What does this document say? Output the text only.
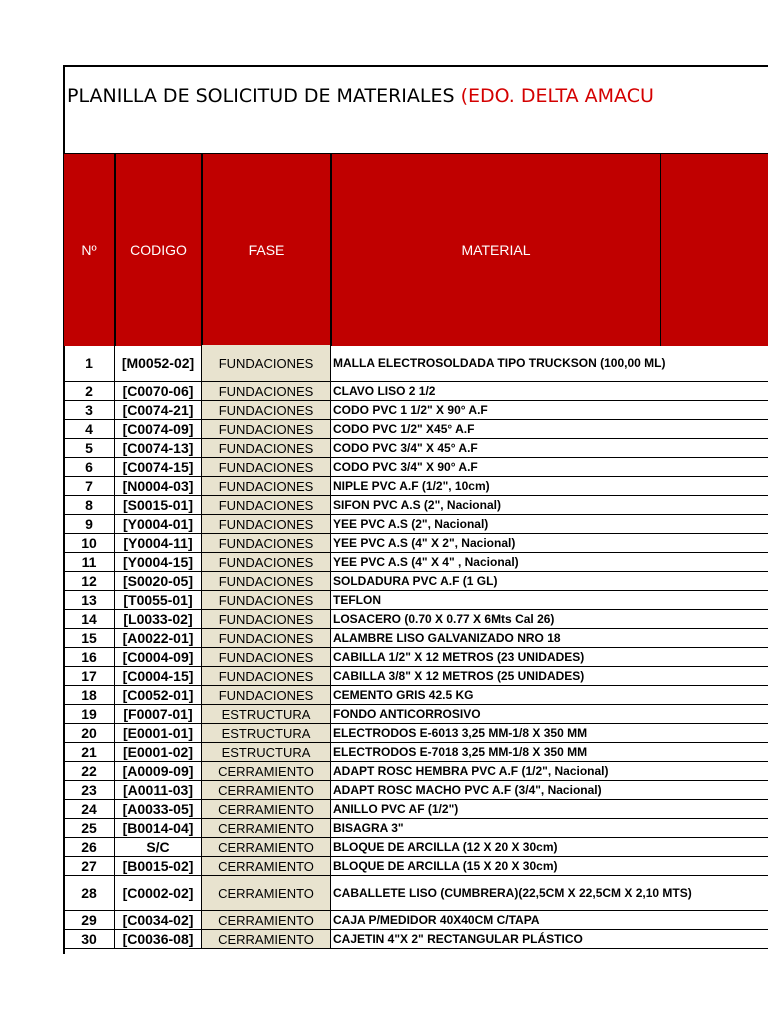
PLANILLA DE SOLICITUD DE MATERIALES (EDO. DELTA AMACU
Nº	CODIGO	FASE	MATERIAL
1	[M0052-02]	FUNDACIONES	MALLA ELECTROSOLDADA TIPO TRUCKSON (100,00 ML)
2	[C0070-06]	FUNDACIONES	CLAVO LISO 2 1/2
3	[C0074-21]	FUNDACIONES	CODO PVC 1 1/2" X 90° A.F
4	[C0074-09]	FUNDACIONES	CODO PVC 1/2" X45° A.F
5	[C0074-13]	FUNDACIONES	CODO PVC 3/4" X 45° A.F
6	[C0074-15]	FUNDACIONES	CODO PVC 3/4" X 90° A.F
7	[N0004-03]	FUNDACIONES	NIPLE PVC A.F (1/2", 10cm)
8	[S0015-01]	FUNDACIONES	SIFON PVC A.S (2", Nacional)
9	[Y0004-01]	FUNDACIONES	YEE PVC A.S (2", Nacional)
10	[Y0004-11]	FUNDACIONES	YEE PVC A.S (4" X 2", Nacional)
11	[Y0004-15]	FUNDACIONES	YEE PVC A.S (4" X 4" , Nacional)
12	[S0020-05]	FUNDACIONES	SOLDADURA PVC A.F (1 GL)
13	[T0055-01]	FUNDACIONES	TEFLON
14	[L0033-02]	FUNDACIONES	LOSACERO (0.70 X 0.77 X 6Mts Cal 26)
15	[A0022-01]	FUNDACIONES	ALAMBRE LISO GALVANIZADO NRO 18
16	[C0004-09]	FUNDACIONES	CABILLA 1/2" X 12 METROS (23 UNIDADES)
17	[C0004-15]	FUNDACIONES	CABILLA 3/8" X 12 METROS (25 UNIDADES)
18	[C0052-01]	FUNDACIONES	CEMENTO GRIS 42.5 KG
19	[F0007-01]	ESTRUCTURA	FONDO ANTICORROSIVO
20	[E0001-01]	ESTRUCTURA	ELECTRODOS E-6013 3,25 MM-1/8 X 350 MM
21	[E0001-02]	ESTRUCTURA	ELECTRODOS E-7018 3,25 MM-1/8 X 350 MM
22	[A0009-09]	CERRAMIENTO	ADAPT ROSC HEMBRA PVC A.F (1/2", Nacional)
23	[A0011-03]	CERRAMIENTO	ADAPT ROSC MACHO PVC A.F (3/4", Nacional)
24	[A0033-05]	CERRAMIENTO	ANILLO PVC AF (1/2")
25	[B0014-04]	CERRAMIENTO	BISAGRA 3"
26	S/C	CERRAMIENTO	BLOQUE DE ARCILLA (12 X 20 X 30cm)
27	[B0015-02]	CERRAMIENTO	BLOQUE DE ARCILLA (15 X 20 X 30cm)
28	[C0002-02]	CERRAMIENTO	CABALLETE LISO (CUMBRERA)(22,5CM X 22,5CM X 2,10 MTS)
29	[C0034-02]	CERRAMIENTO	CAJA P/MEDIDOR 40X40CM C/TAPA
30	[C0036-08]	CERRAMIENTO	CAJETIN 4"X 2" RECTANGULAR PLÁSTICO
